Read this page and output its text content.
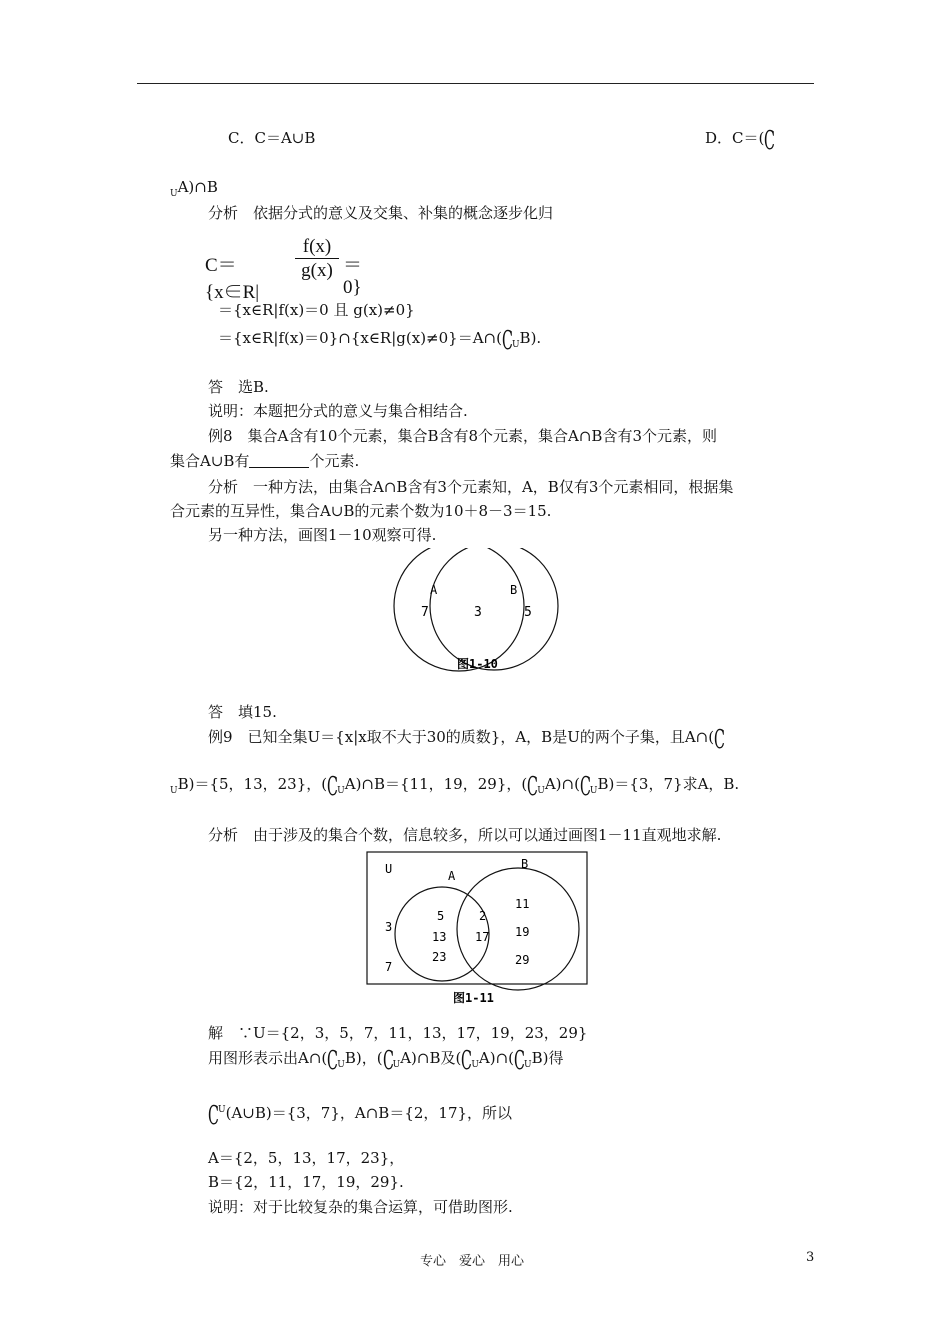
C．C＝A∪B	D．C＝(C
$_U$A)∩B
分析　依据分式的意义及交集、补集的概念逐步化归
C＝{x∈R|
f(x)
g(x) ＝0}
＝{x∈R|f(x)＝0 且 g(x)≠0}
$=\{x\in R|f(x)=0\}\cap\{x\in R|g(x)\ne 0\}=A\cap(C_UB)$.
答　选B.
说明：本题把分式的意义与集合相结合.
例8　集合A含有10个元素，集合B含有8个元素，集合A∩B含有3个元素，则
集合A∪B有	个元素.
分析　一种方法，由集合A∩B含有3个元素知，A，B仅有3个元素相同，根据集
合元素的互异性，集合A∪B的元素个数为10＋8－3＝15.
另一种方法，画图1－10观察可得.
A	B
7	3	5
图1-10
答　填15.
例9　已知全集U＝{x|x取不大于30的质数}，A，B是U的两个子集，且A∩(C
$_U$B)＝{5，13，23}，$(C_UA)\cap B=\{11$，19，29}，$(C_UA)\cap(C_UB)=\{3$，7}求A，B.
分析　由于涉及的集合个数，信息较多，所以可以通过画图1－11直观地求解.
U	A
B
3
7
5
13
23
2
17
11
19
29
图1-11
解　∵U＝{2，3，5，7，11，13，17，19，23，29}
用图形表示出$A\cap(C_UB)$，$(C_UA)\cap B$及$(C_UA)\cap(C_UB)$得
$C^U(A\cup B)=\{3$，7}，A∩B＝{2，17}，所以
A＝{2，5，13，17，23}，
B＝{2，11，17，19，29}.
说明：对于比较复杂的集合运算，可借助图形.
专心　爱心　用心	3
